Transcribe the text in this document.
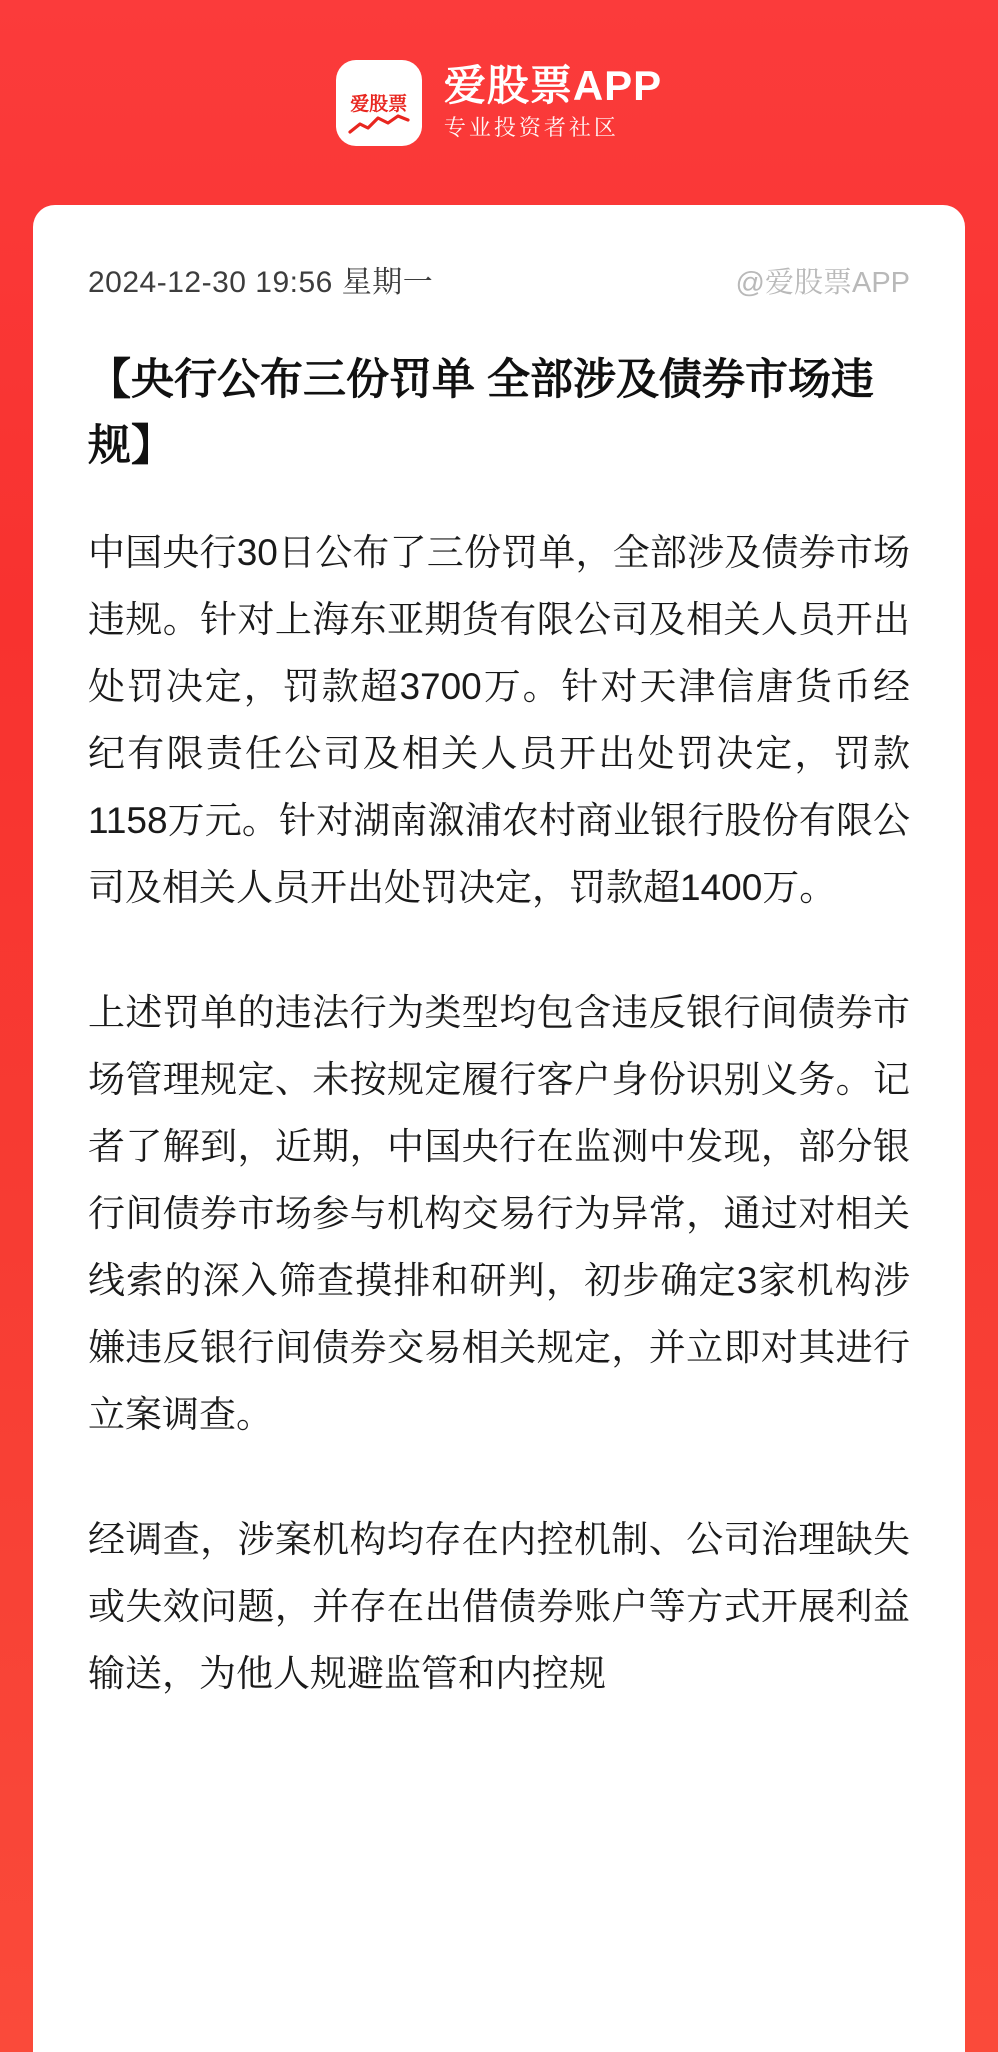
爱股票 爱股票APP
专业投资者社区
2024-12-30 19:56 星期一	@爱股票APP
【央行公布三份罚单 全部涉及债券市场违规】

中国央行30日公布了三份罚单，全部涉及债券市场违规。针对上海东亚期货有限公司及相关人员开出处罚决定，罚款超3700万。针对天津信唐货币经纪有限责任公司及相关人员开出处罚决定，罚款1158万元。针对湖南溆浦农村商业银行股份有限公司及相关人员开出处罚决定，罚款超1400万。

上述罚单的违法行为类型均包含违反银行间债券市场管理规定、未按规定履行客户身份识别义务。记者了解到，近期，中国央行在监测中发现，部分银行间债券市场参与机构交易行为异常，通过对相关线索的深入筛查摸排和研判，初步确定3家机构涉嫌违反银行间债券交易相关规定，并立即对其进行立案调查。

经调查，涉案机构均存在内控机制、公司治理缺失或失效问题，并存在出借债券账户等方式开展利益输送，为他人规避监管和内控规
